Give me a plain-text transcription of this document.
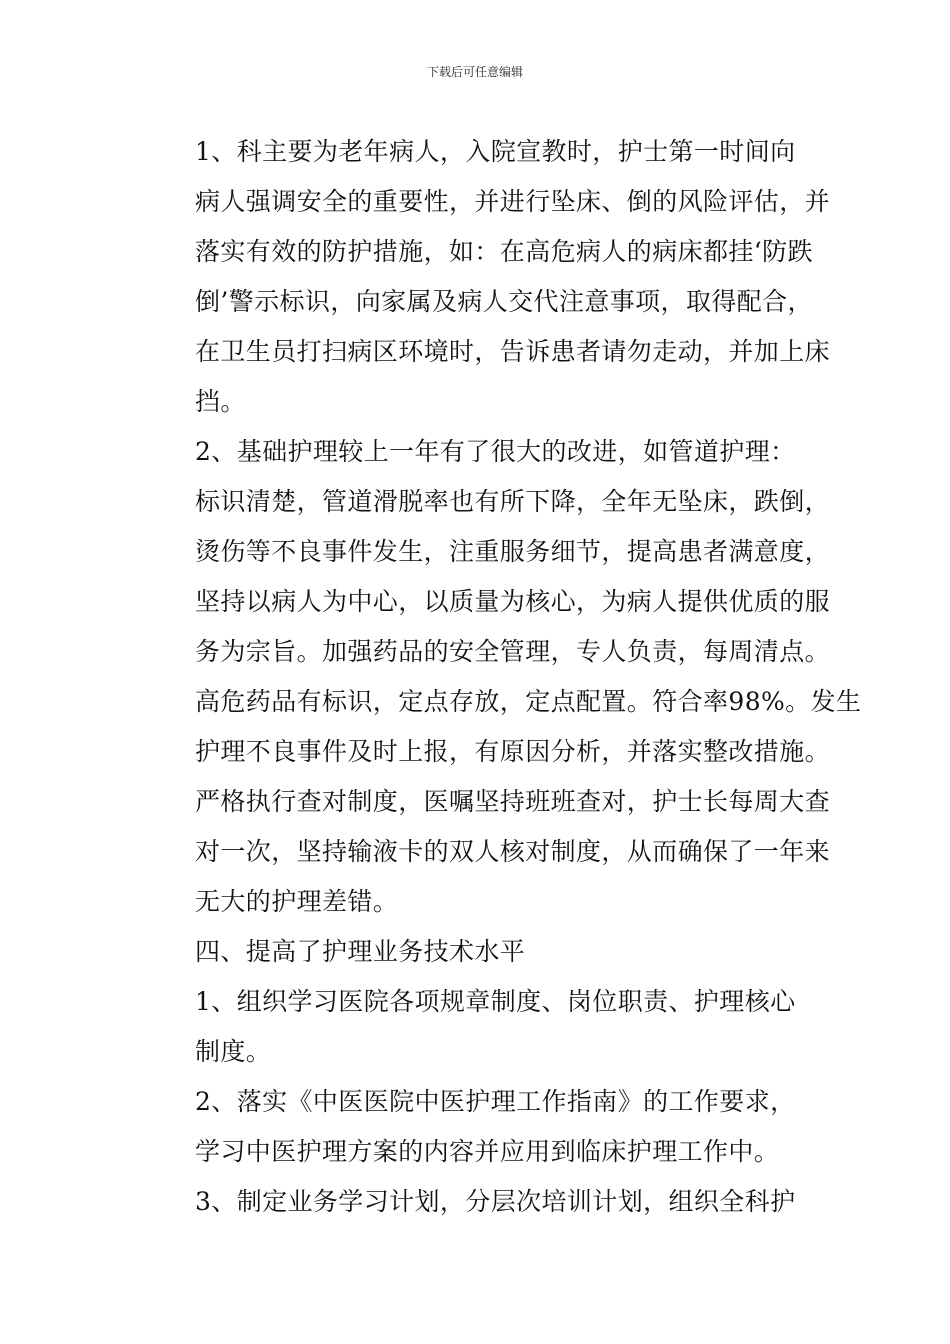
下载后可任意编辑

1、科主要为老年病人，入院宣教时，护士第一时间向
病人强调安全的重要性，并进行坠床、倒的风险评估，并
落实有效的防护措施，如：在高危病人的病床都挂‘防跌
倒’警示标识，向家属及病人交代注意事项，取得配合，
在卫生员打扫病区环境时，告诉患者请勿走动，并加上床
挡。

2、基础护理较上一年有了很大的改进，如管道护理：
标识清楚，管道滑脱率也有所下降，全年无坠床，跌倒，
烫伤等不良事件发生，注重服务细节，提高患者满意度，
坚持以病人为中心，以质量为核心，为病人提供优质的服
务为宗旨。加强药品的安全管理，专人负责，每周清点。
高危药品有标识，定点存放，定点配置。符合率98%。发生
护理不良事件及时上报，有原因分析，并落实整改措施。
严格执行查对制度，医嘱坚持班班查对，护士长每周大查
对一次，坚持输液卡的双人核对制度，从而确保了一年来
无大的护理差错。

四、提高了护理业务技术水平

1、组织学习医院各项规章制度、岗位职责、护理核心
制度。

2、落实《中医医院中医护理工作指南》的工作要求，
学习中医护理方案的内容并应用到临床护理工作中。

3、制定业务学习计划，分层次培训计划，组织全科护
